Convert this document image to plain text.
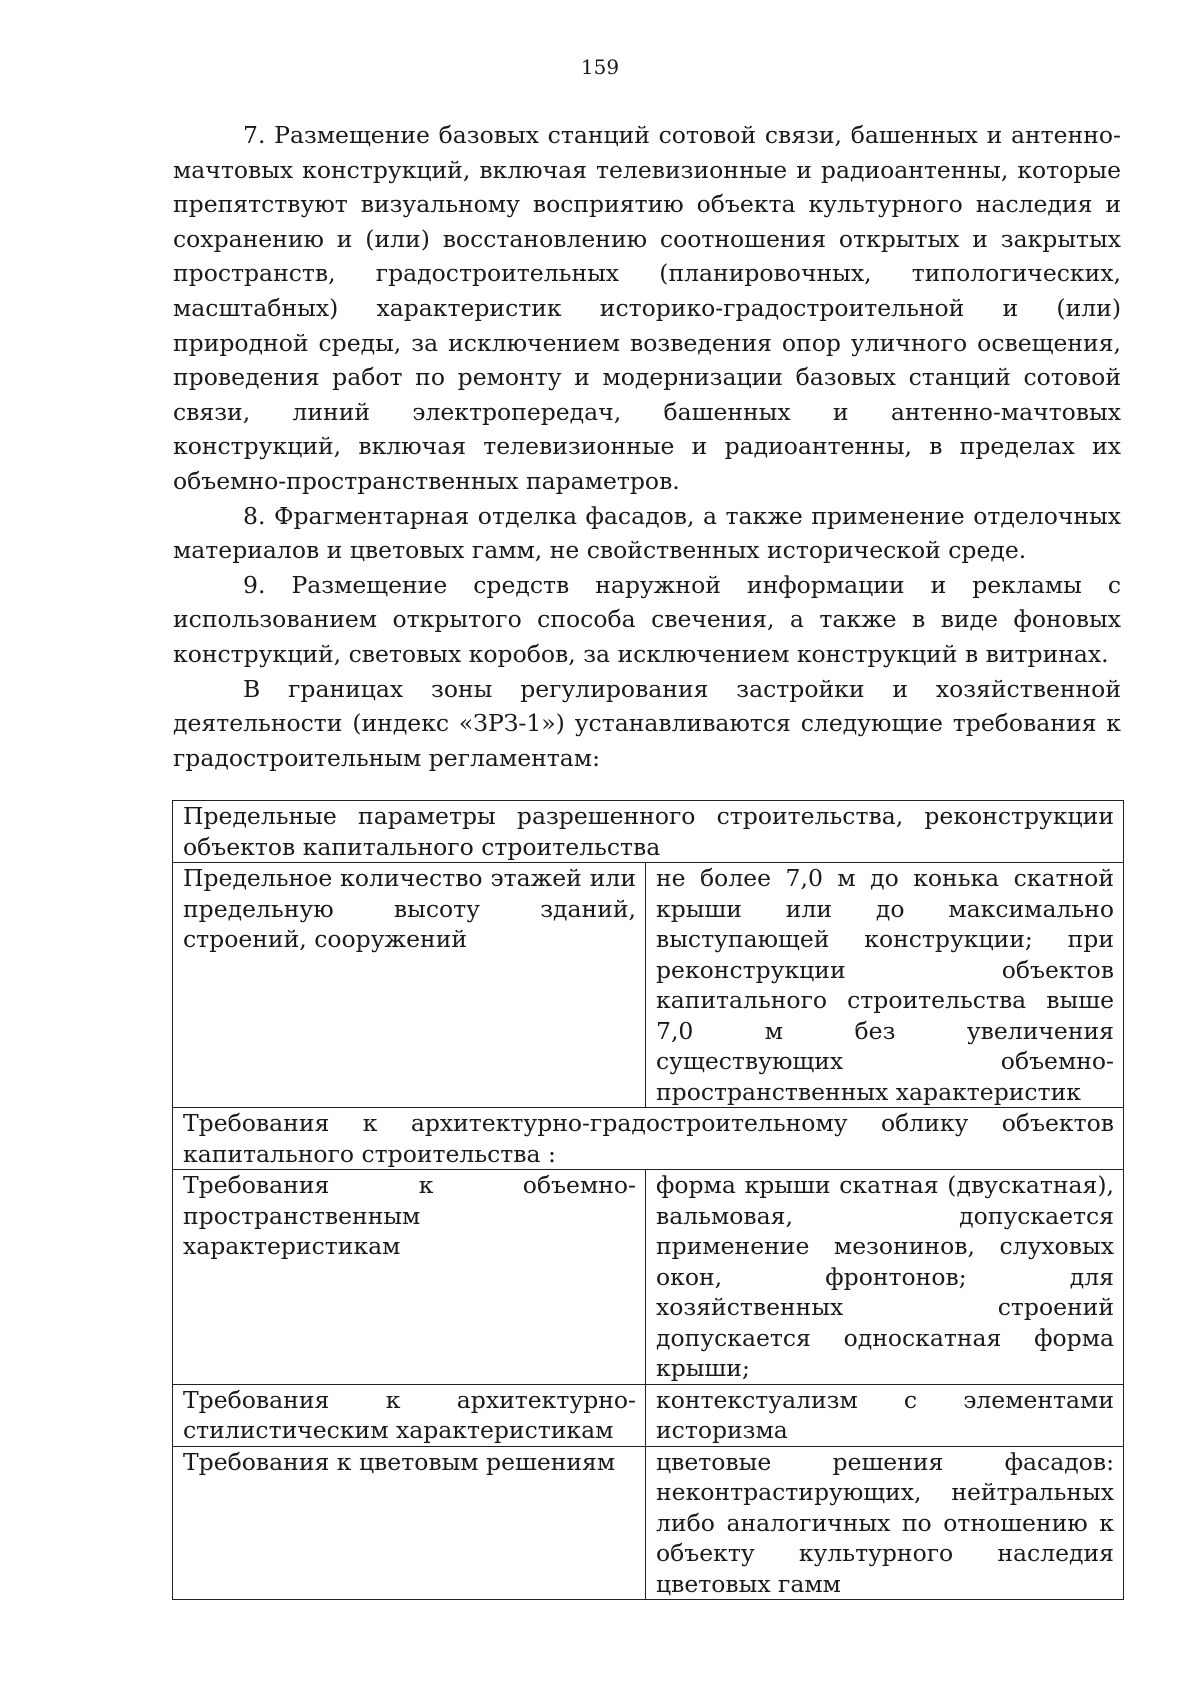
159

7. Размещение базовых станций сотовой связи, башенных и антенно-мачтовых конструкций, включая телевизионные и радиоантенны, которые препятствуют визуальному восприятию объекта культурного наследия и сохранению и (или) восстановлению соотношения открытых и закрытых пространств, градостроительных (планировочных, типологических, масштабных) характеристик историко-градостроительной и (или) природной среды, за исключением возведения опор уличного освещения, проведения работ по ремонту и модернизации базовых станций сотовой связи, линий электропередач, башенных и антенно-мачтовых конструкций, включая телевизионные и радиоантенны, в пределах их объемно-пространственных параметров.

8. Фрагментарная отделка фасадов, а также применение отделочных материалов и цветовых гамм, не свойственных исторической среде.

9. Размещение средств наружной информации и рекламы с использованием открытого способа свечения, а также в виде фоновых конструкций, световых коробов, за исключением конструкций в витринах.

В границах зоны регулирования застройки и хозяйственной деятельности (индекс «ЗРЗ-1») устанавливаются следующие требования к градостроительным регламентам:

Предельные параметры разрешенного строительства, реконструкции объектов капитального строительства	
Предельное количество этажей или предельную высоту зданий, строений, сооружений	не более 7,0 м до конька скатной крыши или до максимально выступающей конструкции; при реконструкции объектов капитального строительства выше 7,0 м без увеличения существующих объемно-пространственных характеристик
Требования к архитектурно-градостроительному облику объектов капитального строительства :	
Требования к объемно-пространственным характеристикам	форма крыши скатная (двускатная), вальмовая, допускается применение мезонинов, слуховых окон, фронтонов; для хозяйственных строений допускается односкатная форма крыши;
Требования к архитектурно-стилистическим характеристикам	контекстуализм с элементами историзма
Требования к цветовым решениям	цветовые решения фасадов: неконтрастирующих, нейтральных либо аналогичных по отношению к объекту культурного наследия цветовых гамм
